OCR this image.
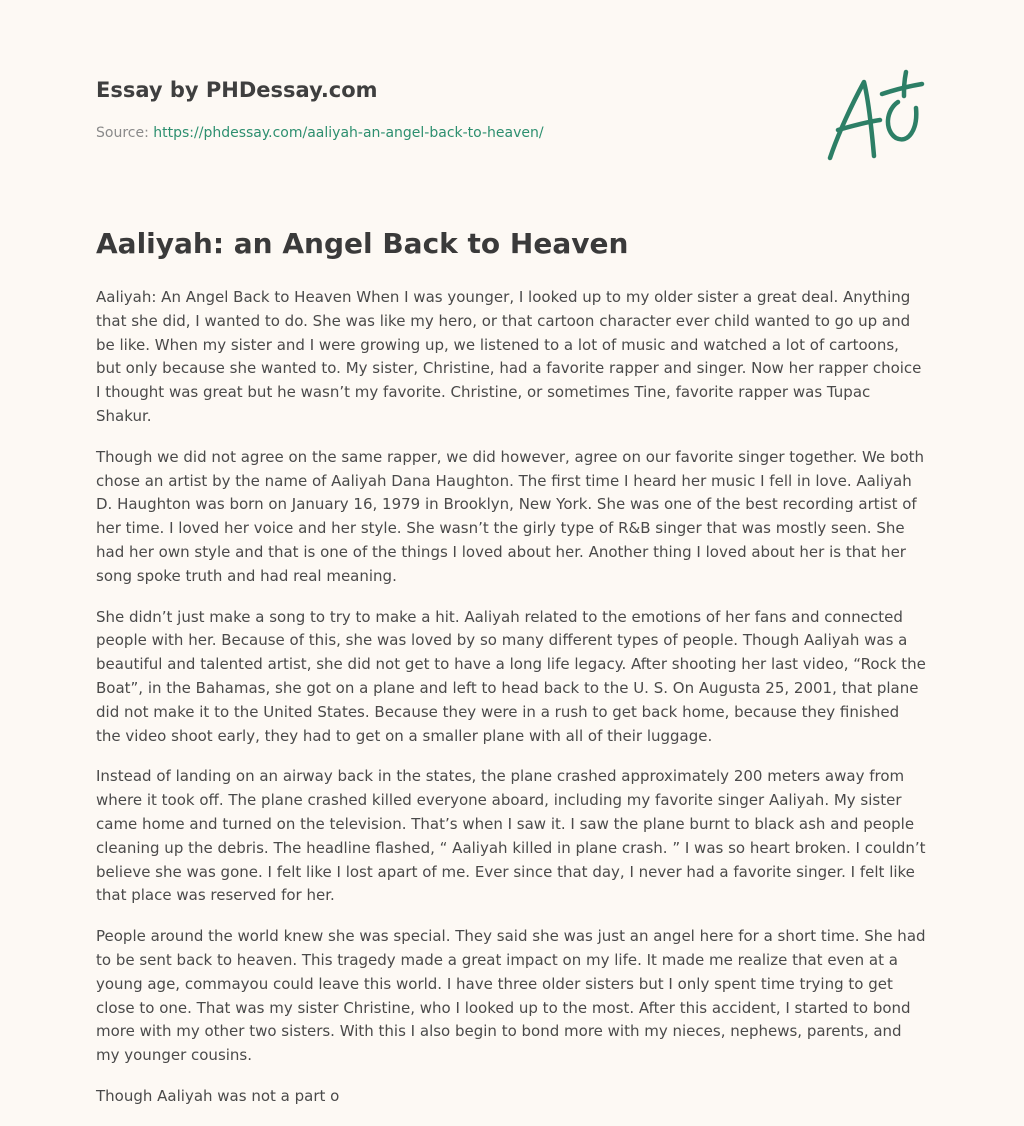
Essay by PHDessay.com
Source: https://phdessay.com/aaliyah-an-angel-back-to-heaven/
Aaliyah: an Angel Back to Heaven

Aaliyah: An Angel Back to Heaven When I was younger, I looked up to my older sister a great deal. Anything that she did, I wanted to do. She was like my hero, or that cartoon character ever child wanted to go up and be like. When my sister and I were growing up, we listened to a lot of music and watched a lot of cartoons, but only because she wanted to. My sister, Christine, had a favorite rapper and singer. Now her rapper choice I thought was great but he wasn’t my favorite. Christine, or sometimes Tine, favorite rapper was Tupac Shakur.

Though we did not agree on the same rapper, we did however, agree on our favorite singer together. We both chose an artist by the name of Aaliyah Dana Haughton. The first time I heard her music I fell in love. Aaliyah D. Haughton was born on January 16, 1979 in Brooklyn, New York. She was one of the best recording artist of her time. I loved her voice and her style. She wasn’t the girly type of R&B singer that was mostly seen. She had her own style and that is one of the things I loved about her. Another thing I loved about her is that her song spoke truth and had real meaning.

She didn’t just make a song to try to make a hit. Aaliyah related to the emotions of her fans and connected people with her. Because of this, she was loved by so many different types of people. Though Aaliyah was a beautiful and talented artist, she did not get to have a long life legacy. After shooting her last video, “Rock the Boat”, in the Bahamas, she got on a plane and left to head back to the U. S. On Augusta 25, 2001, that plane did not make it to the United States. Because they were in a rush to get back home, because they finished the video shoot early, they had to get on a smaller plane with all of their luggage.

Instead of landing on an airway back in the states, the plane crashed approximately 200 meters away from where it took off. The plane crashed killed everyone aboard, including my favorite singer Aaliyah. My sister came home and turned on the television. That’s when I saw it. I saw the plane burnt to black ash and people cleaning up the debris. The headline flashed, “ Aaliyah killed in plane crash. ” I was so heart broken. I couldn’t believe she was gone. I felt like I lost apart of me. Ever since that day, I never had a favorite singer. I felt like that place was reserved for her.

People around the world knew she was special. They said she was just an angel here for a short time. She had to be sent back to heaven. This tragedy made a great impact on my life. It made me realize that even at a young age, commayou could leave this world. I have three older sisters but I only spent time trying to get close to one. That was my sister Christine, who I looked up to the most. After this accident, I started to bond more with my other two sisters. With this I also begin to bond more with my nieces, nephews, parents, and my younger cousins.

Though Aaliyah was not a part o
